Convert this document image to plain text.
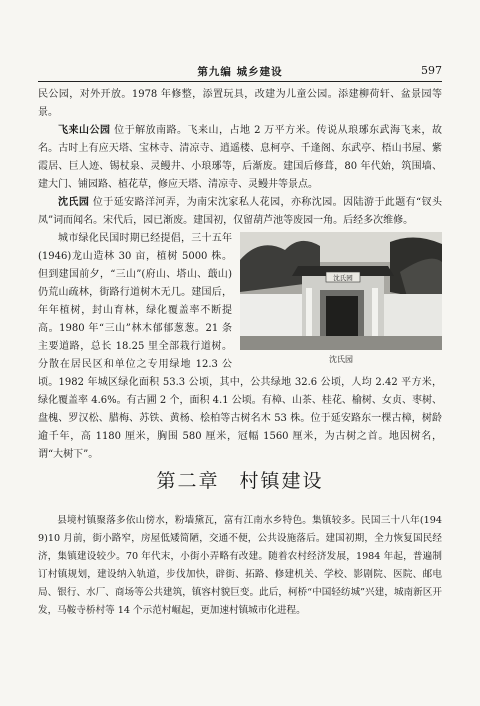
第九编 城乡建设	597

民公园，对外开放。1978 年修整，添置玩具，改建为儿童公园。添建柳荷轩、盆景园等景。

飞来山公园 位于解放南路。飞来山，占地 2 万平方米。传说从琅琊东武海飞来，故名。古时上有应天塔、宝林寺、清凉寺、逍遥楼、息柯亭、千逢阁、东武亭、梧山书屋、紫霞居、巨人迹、锡杖泉、灵鳗井、小琅琊等，后渐废。建国后修葺，80 年代始，筑围墙、建大门、铺园路、植花草，修应天塔、清凉寺、灵鳗井等景点。

沈氏园 位于延安路洋河弄，为南宋沈家私人花园，亦称沈园。因陆游于此题有“钗头凤”词而闻名。宋代后，园已渐废。建国初，仅留葫芦池等废园一角。后经多次维修。

沈氏园
沈氏园

城市绿化民国时期已经提倡，三十五年(1946)龙山造林 30 亩，植树 5000 株。但到建国前夕，“三山”(府山、塔山、蕺山)仍荒山疏林，街路行道树木无几。建国后，年年植树，封山育林，绿化覆盖率不断提高。1980 年“三山”林木郁郁葱葱。21 条主要道路，总长 18.25 里全部栽行道树。分散在居民区和单位之专用绿地 12.3 公顷。1982 年城区绿化面积 53.3 公顷，其中，公共绿地 32.6 公顷，人均 2.42 平方米，绿化覆盖率 4.6%。有古圃 2 个，面积 4.1 公顷。有樟、山茶、桂花、榆树、女贞、枣树、盘槐、罗汉松、腊梅、苏铁、黄杨、桧柏等古树名木 53 株。位于延安路东一棵古樟，树龄逾千年，高 1180 厘米，胸围 580 厘米，冠幅 1560 厘米，为古树之首。地因树名，谓“大树下”。

第二章 村镇建设

县境村镇聚落多依山傍水，粉墙黛瓦，富有江南水乡特色。集镇较多。民国三十八年(1949)10 月前，街小路窄，房屋低矮简陋，交通不便，公共设施落后。建国初期，全力恢复国民经济，集镇建设较少。70 年代末，小街小弄略有改建。随着农村经济发展，1984 年起，普遍制订村镇规划，建设纳入轨道，步伐加快，辟街、拓路、修建机关、学校、影剧院、医院、邮电局、银行、水厂、商场等公共建筑，镇容村貌巨变。此后，柯桥“中国轻纺城”兴建，城南新区开发，马鞍寺桥村等 14 个示范村崛起，更加速村镇城市化进程。
